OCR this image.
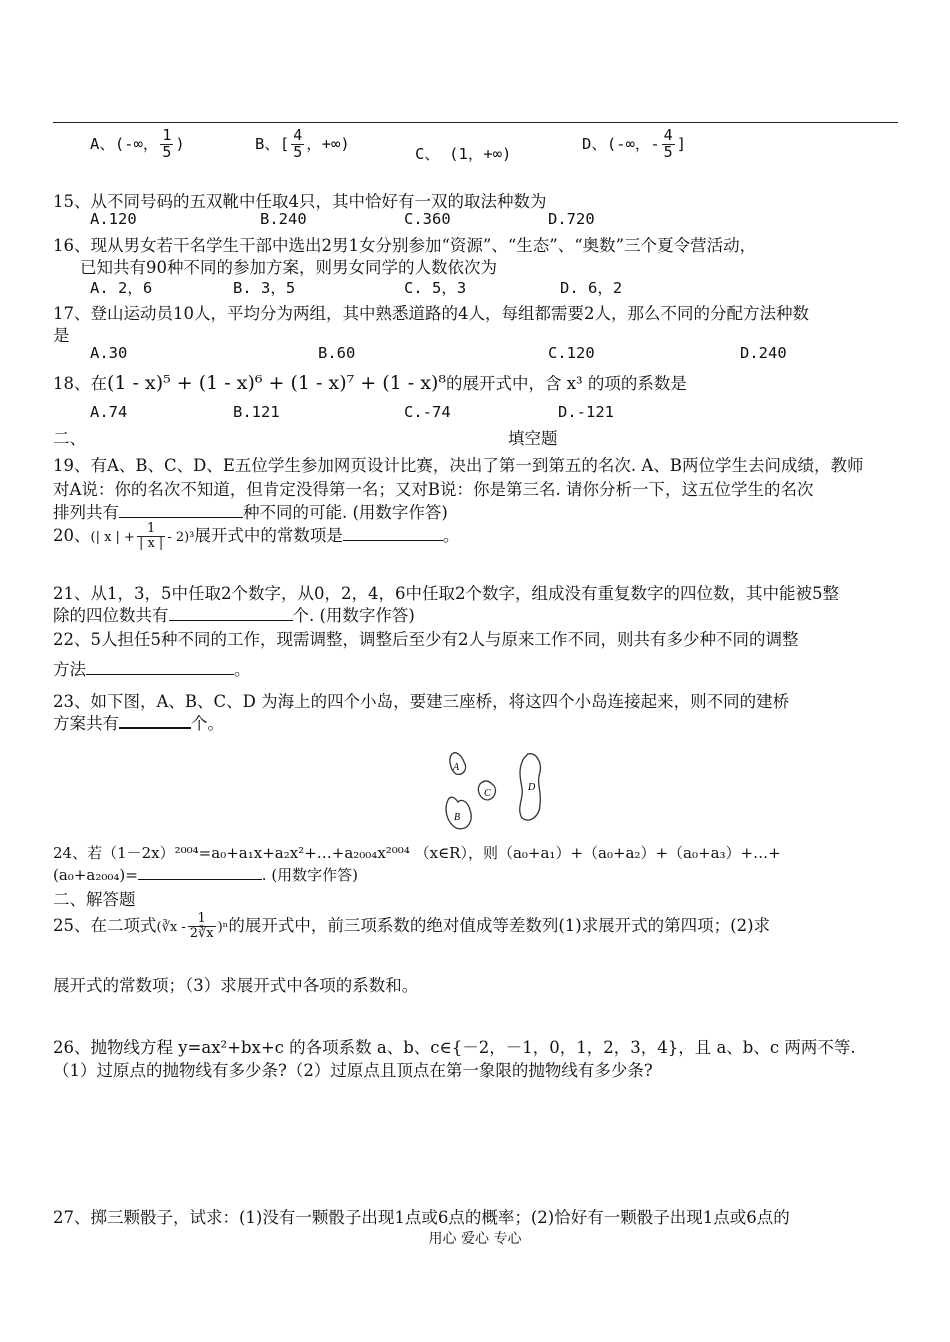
A、(-∞， $\frac{1}{5}$ )	B、[ $\frac{4}{5}$ ，+∞)
C、 (1，+∞)
D、(-∞，- $\frac{4}{5}$ ]
15、从不同号码的五双靴中任取4只，其中恰好有一双的取法种数为
A.120	B.240	C.360	D.720
16、现从男女若干名学生干部中选出2男1女分别参加“资源”、“生态”、“奥数”三个夏令营活动，
已知共有90种不同的参加方案，则男女同学的人数依次为
A. 2，6	B. 3，5	C. 5，3	D. 6，2
17、登山运动员10人，平均分为两组，其中熟悉道路的4人，每组都需要2人，那么不同的分配方法种数
是
A.30	B.60	C.120	D.240
18、在(1 - x)⁵ + (1 - x)⁶ + (1 - x)⁷ + (1 - x)⁸的展开式中，含 x³ 的项的系数是
A.74	B.121	C.-74	D.-121
二、	填空题
19、有A、B、C、D、E五位学生参加网页设计比赛，决出了第一到第五的名次. A、B两位学生去问成绩，教师
对A说：你的名次不知道，但肯定没得第一名；又对B说：你是第三名. 请你分析一下，这五位学生的名次
排列共有	种不同的可能. (用数字作答)
20、(| x | + $\frac{1}{| x |} - 2)^3$展开式中的常数项是	。
21、从1，3，5中任取2个数字，从0，2，4，6中任取2个数字，组成没有重复数字的四位数，其中能被5整
除的四位数共有	个. (用数字作答)
22、5人担任5种不同的工作，现需调整，调整后至少有2人与原来工作不同，则共有多少种不同的调整
方法	。
23、如下图，A、B、C、D 为海上的四个小岛，要建三座桥，将这四个小岛连接起来，则不同的建桥
方案共有	个。
A
B
C
D
24、若（1－2x）²⁰⁰⁴=a₀+a₁x+a₂x²+…+a₂₀₀₄x²⁰⁰⁴ （x∈R），则（a₀+a₁）+（a₀+a₂）+（a₀+a₃）+…+
(a₀+a₂₀₀₄)=	. (用数字作答)
二、解答题
25、在二项式(∛x - $\frac{1}{2∛x} )^n$的展开式中，前三项系数的绝对值成等差数列(1)求展开式的第四项；(2)求
展开式的常数项；（3）求展开式中各项的系数和。
26、抛物线方程 y=ax²+bx+c 的各项系数 a、b、c∈{－2，－1，0，1，2，3，4}，且 a、b、c 两两不等.
（1）过原点的抛物线有多少条?（2）过原点且顶点在第一象限的抛物线有多少条?
27、掷三颗骰子，试求：(1)没有一颗骰子出现1点或6点的概率；(2)恰好有一颗骰子出现1点或6点的
用心 爱心 专心
